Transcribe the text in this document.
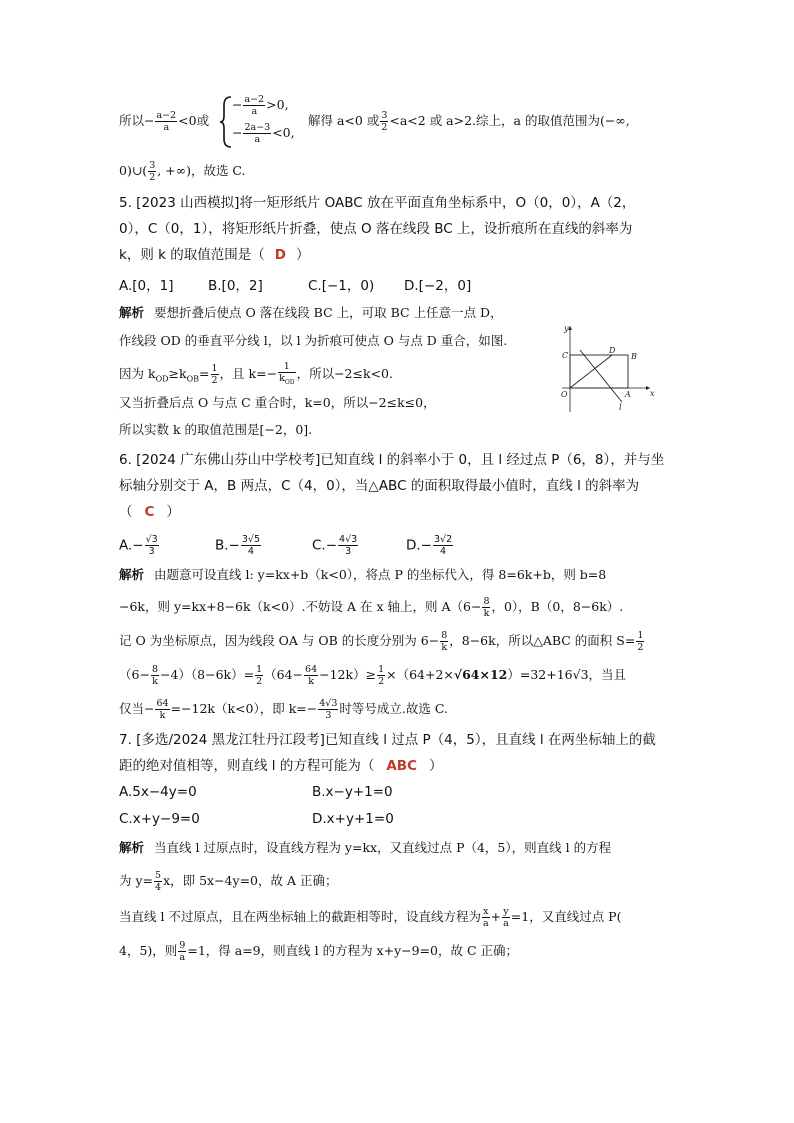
所以− $\frac{a-2}{a} <0$或
− $\frac{a-2}{a} >0$,
− $\frac{2a-3}{a} <0$,
解得 a<0 或 $\frac{3}{2} <a<2$ 或 a>2.综上，a 的取值范围为(−∞,
0)∪( $\frac{3}{2}$ , +∞)，故选 C.
5. [2023 山西模拟]将一矩形纸片 OABC 放在平面直角坐标系中，O（0，0），A（2，
0），C（0，1），将矩形纸片折叠，使点 O 落在线段 BC 上，设折痕所在直线的斜率为
k，则 k 的取值范围是（ D ）
A.[0，1]	B.[0，2]	C.[−1，0) D.[−2，0]
解析 要想折叠后使点 O 落在线段 BC 上，可取 BC 上任意一点 D，
作线段 OD 的垂直平分线 l，以 l 为折痕可使点 O 与点 D 重合，如图.
因为 $k_{OD}\ge k_{OB}= \frac{1}{2}$ ，且 $k=- \frac{1}{k_{OD}}$ ，所以−2≤k<0.
又当折叠后点 O 与点 C 重合时，k=0，所以−2≤k≤0，
所以实数 k 的取值范围是[−2，0].
y
x
C
D
B
O	A
l
6. [2024 广东佛山芬山中学校考]已知直线 l 的斜率小于 0，且 l 经过点 P（6，8），并与坐
标轴分别交于 A，B 两点，C（4，0），当△ABC 的面积取得最小值时，直线 l 的斜率为
（ C ）
$A.- \frac{√3}{3}$	$B.- \frac{3√5}{4}$	$C.- \frac{4√3}{3}$	$D.- \frac{3√2}{4}$
解析 由题意可设直线 l: y=kx+b（k<0），将点 P 的坐标代入，得 8=6k+b，则 b=8
−6k，则 y=kx+8−6k（k<0）.不妨设 A 在 x 轴上，则 $A(6- \frac{8}{k}$ ，0），B（0，8−6k）.
记 O 为坐标原点，因为线段 OA 与 OB 的长度分别为 $6- \frac{8}{k}$ ，8−6k，所以△ABC 的面积 $S= \frac{1}{2}$
$(6- \frac{8}{k} -4)(8-6k)= \frac{1}{2} (64- \frac{64}{k} -12k)\ge \frac{1}{2} \times(64+2\times√64\times 12)=32+16√3$，当且
仅当− $\frac{64}{k} =-12k(k<0)$，即 $k=- \frac{4√3}{3}$ 时等号成立.故选 C.
7. [多选/2024 黑龙江牡丹江段考]已知直线 l 过点 P（4，5），且直线 l 在两坐标轴上的截
距的绝对值相等，则直线 l 的方程可能为（ ABC ）
A.5x−4y=0	B.x−y+1=0
C.x+y−9=0	D.x+y+1=0
解析 当直线 l 过原点时，设直线方程为 y=kx，又直线过点 P（4，5），则直线 l 的方程
为 $y= \frac{5}{4}$ x，即 5x−4y=0，故 A 正确；
当直线 l 不过原点，且在两坐标轴上的截距相等时，设直线方程为 $\frac{x}{a} + \frac{y}{a} =1$，又直线过点 P(
4，5)，则 $\frac{9}{a} =1$，得 a=9，则直线 l 的方程为 x+y−9=0，故 C 正确；
